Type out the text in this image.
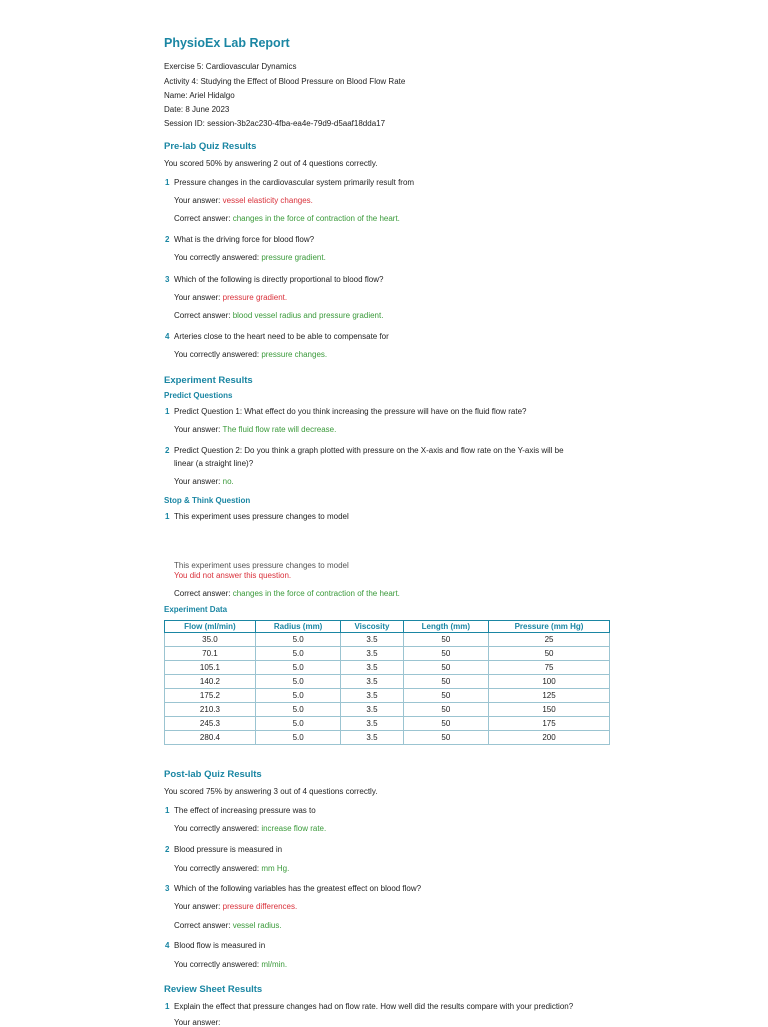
PhysioEx Lab Report
Exercise 5: Cardiovascular Dynamics
Activity 4: Studying the Effect of Blood Pressure on Blood Flow Rate
Name: Ariel Hidalgo
Date: 8 June 2023
Session ID: session-3b2ac230-4fba-ea4e-79d9-d5aaf18dda17
Pre-lab Quiz Results
You scored 50% by answering 2 out of 4 questions correctly.
1 Pressure changes in the cardiovascular system primarily result from
Your answer: vessel elasticity changes.
Correct answer: changes in the force of contraction of the heart.
2 What is the driving force for blood flow?
You correctly answered: pressure gradient.
3 Which of the following is directly proportional to blood flow?
Your answer: pressure gradient.
Correct answer: blood vessel radius and pressure gradient.
4 Arteries close to the heart need to be able to compensate for
You correctly answered: pressure changes.
Experiment Results
Predict Questions
1 Predict Question 1: What effect do you think increasing the pressure will have on the fluid flow rate?
Your answer: The fluid flow rate will decrease.
2 Predict Question 2: Do you think a graph plotted with pressure on the X-axis and flow rate on the Y-axis will be
linear (a straight line)?
Your answer: no.
Stop & Think Question
1 This experiment uses pressure changes to model
This experiment uses pressure changes to model
You did not answer this question.
Correct answer: changes in the force of contraction of the heart.
Experiment Data
Flow (ml/min)	Radius (mm)	Viscosity	Length (mm)	Pressure (mm Hg)
35.0	5.0	3.5	50	25
70.1	5.0	3.5	50	50
105.1	5.0	3.5	50	75
140.2	5.0	3.5	50	100
175.2	5.0	3.5	50	125
210.3	5.0	3.5	50	150
245.3	5.0	3.5	50	175
280.4	5.0	3.5	50	200
Post-lab Quiz Results
You scored 75% by answering 3 out of 4 questions correctly.
1 The effect of increasing pressure was to
You correctly answered: increase flow rate.
2 Blood pressure is measured in
You correctly answered: mm Hg.
3 Which of the following variables has the greatest effect on blood flow?
Your answer: pressure differences.
Correct answer: vessel radius.
4 Blood flow is measured in
You correctly answered: ml/min.
Review Sheet Results
1 Explain the effect that pressure changes had on flow rate. How well did the results compare with your prediction?
Your answer:
